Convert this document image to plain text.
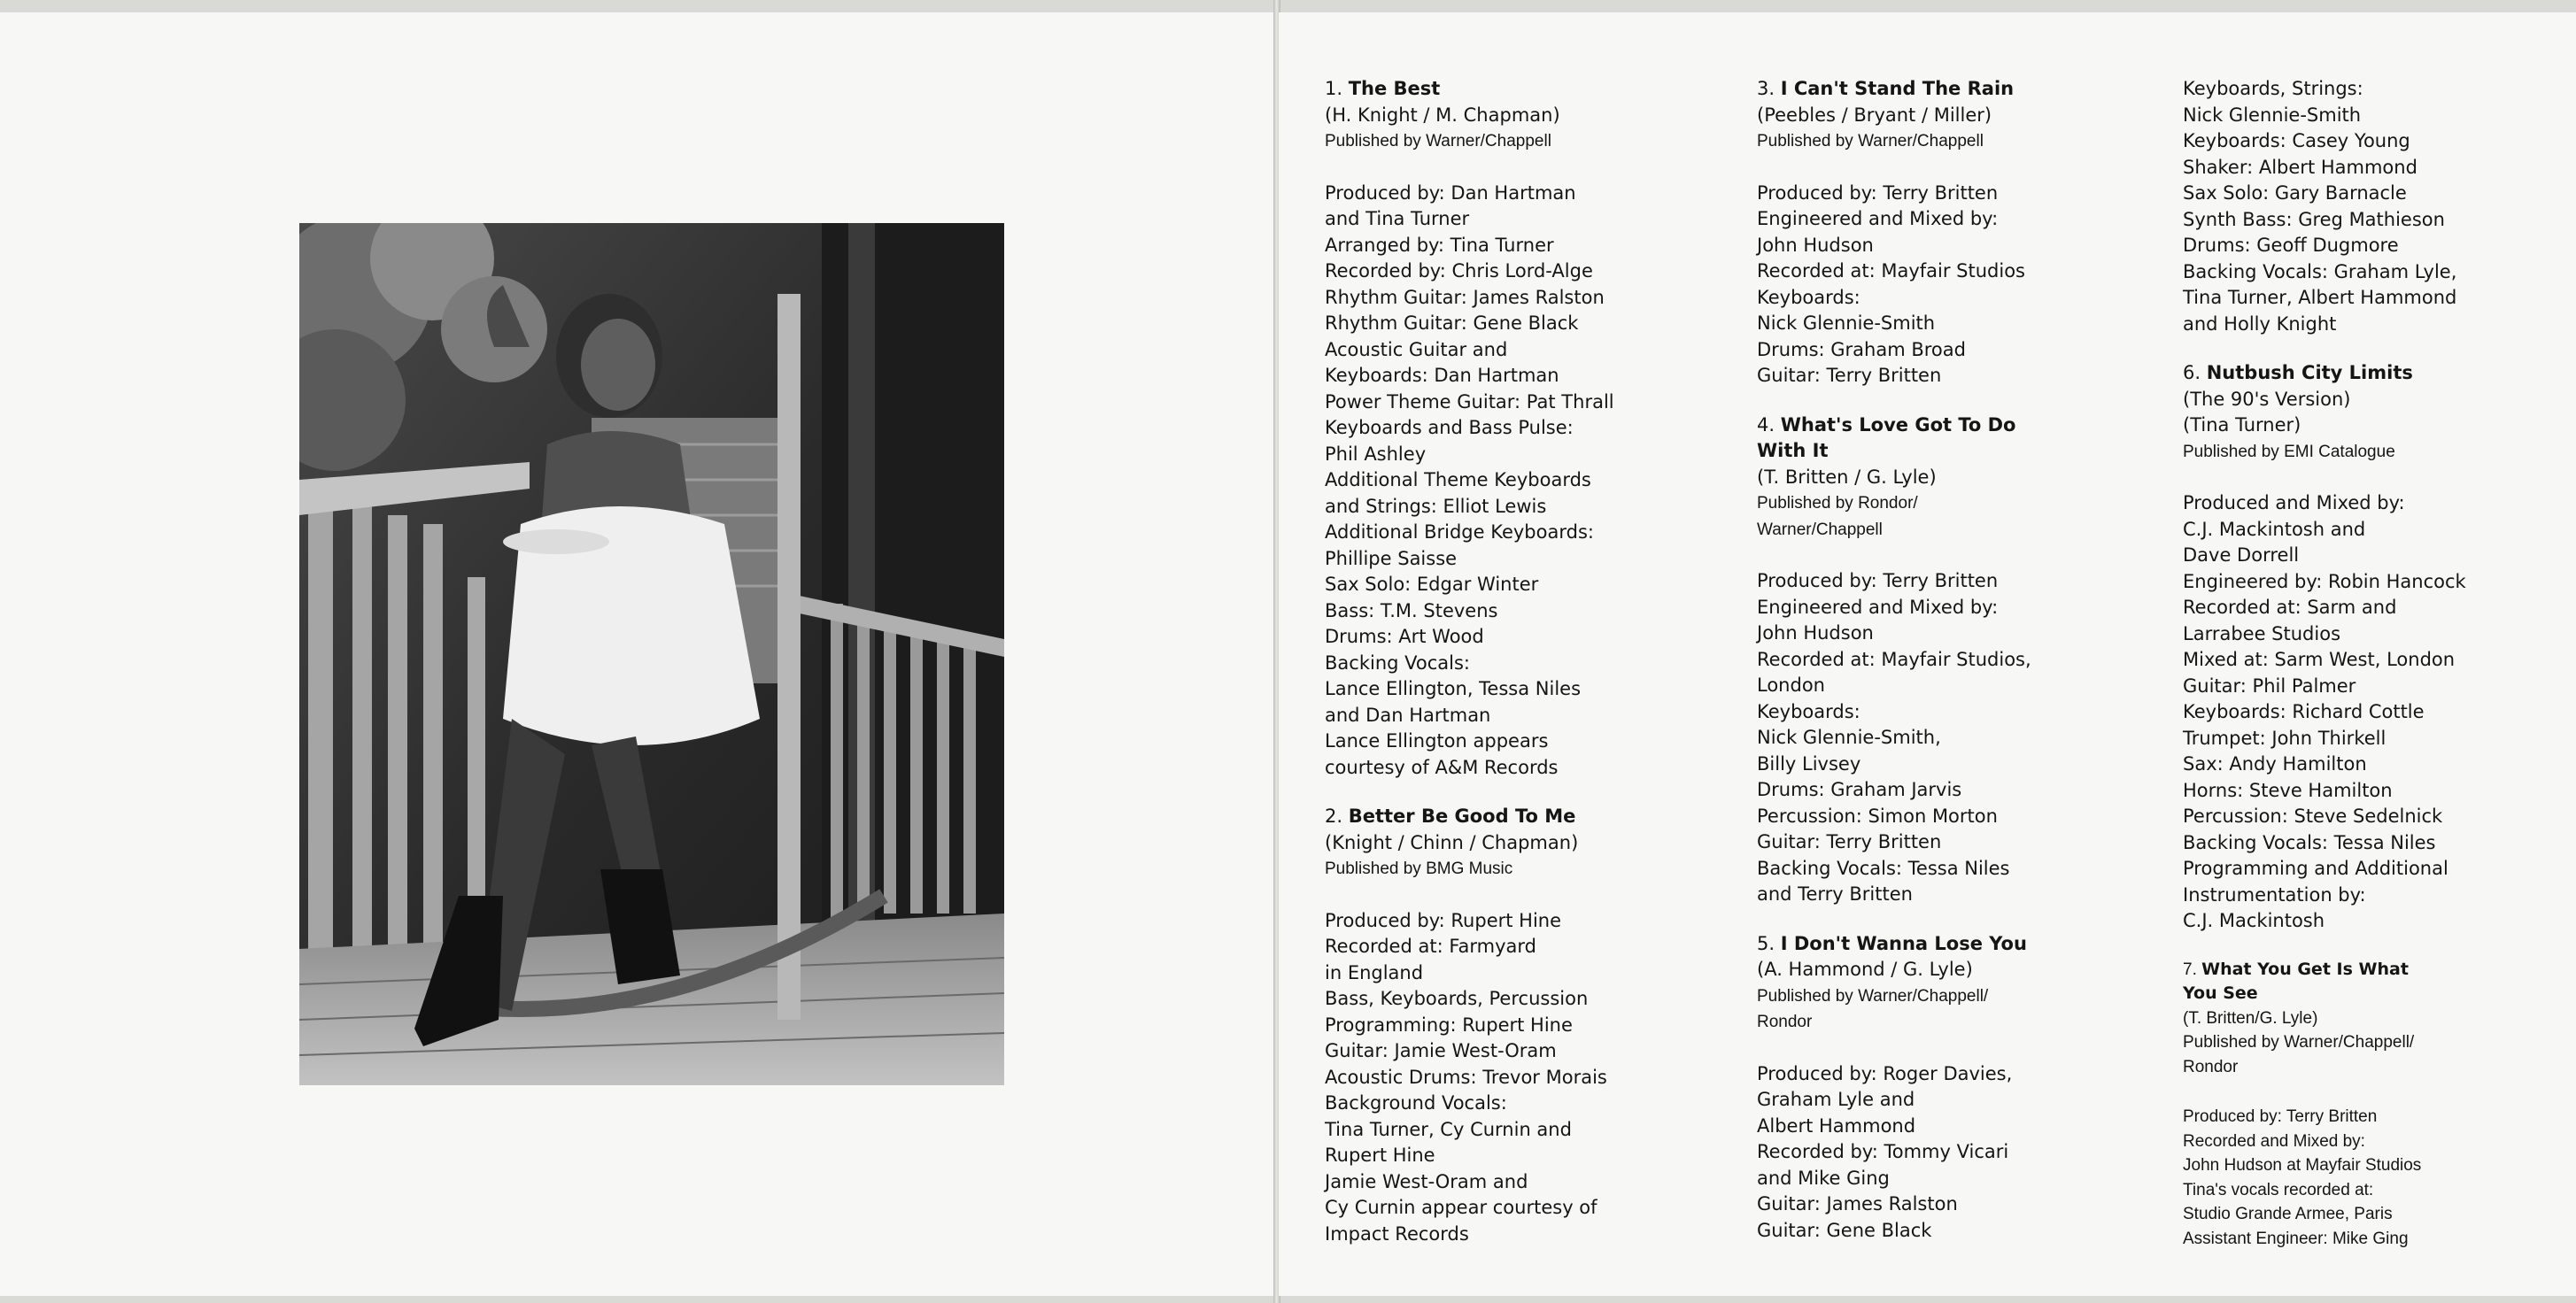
1. The Best
(H. Knight / M. Chapman)
Published by Warner/Chappell
Produced by: Dan Hartman
and Tina Turner
Arranged by: Tina Turner
Recorded by: Chris Lord-Alge
Rhythm Guitar: James Ralston
Rhythm Guitar: Gene Black
Acoustic Guitar and
Keyboards: Dan Hartman
Power Theme Guitar: Pat Thrall
Keyboards and Bass Pulse:
Phil Ashley
Additional Theme Keyboards
and Strings: Elliot Lewis
Additional Bridge Keyboards:
Phillipe Saisse
Sax Solo: Edgar Winter
Bass: T.M. Stevens
Drums: Art Wood
Backing Vocals:
Lance Ellington, Tessa Niles
and Dan Hartman
Lance Ellington appears
courtesy of A&M Records
2. Better Be Good To Me
(Knight / Chinn / Chapman)
Published by BMG Music
Produced by: Rupert Hine
Recorded at: Farmyard
in England
Bass, Keyboards, Percussion
Programming: Rupert Hine
Guitar: Jamie West-Oram
Acoustic Drums: Trevor Morais
Background Vocals:
Tina Turner, Cy Curnin and
Rupert Hine
Jamie West-Oram and
Cy Curnin appear courtesy of
Impact Records
3. I Can't Stand The Rain
(Peebles / Bryant / Miller)
Published by Warner/Chappell
Produced by: Terry Britten
Engineered and Mixed by:
John Hudson
Recorded at: Mayfair Studios
Keyboards:
Nick Glennie-Smith
Drums: Graham Broad
Guitar: Terry Britten
4. What's Love Got To Do
With It
(T. Britten / G. Lyle)
Published by Rondor/
Warner/Chappell
Produced by: Terry Britten
Engineered and Mixed by:
John Hudson
Recorded at: Mayfair Studios,
London
Keyboards:
Nick Glennie-Smith,
Billy Livsey
Drums: Graham Jarvis
Percussion: Simon Morton
Guitar: Terry Britten
Backing Vocals: Tessa Niles
and Terry Britten
5. I Don't Wanna Lose You
(A. Hammond / G. Lyle)
Published by Warner/Chappell/
Rondor
Produced by: Roger Davies,
Graham Lyle and
Albert Hammond
Recorded by: Tommy Vicari
and Mike Ging
Guitar: James Ralston
Guitar: Gene Black
Keyboards, Strings:
Nick Glennie-Smith
Keyboards: Casey Young
Shaker: Albert Hammond
Sax Solo: Gary Barnacle
Synth Bass: Greg Mathieson
Drums: Geoff Dugmore
Backing Vocals: Graham Lyle,
Tina Turner, Albert Hammond
and Holly Knight
6. Nutbush City Limits
(The 90's Version)
(Tina Turner)
Published by EMI Catalogue
Produced and Mixed by:
C.J. Mackintosh and
Dave Dorrell
Engineered by: Robin Hancock
Recorded at: Sarm and
Larrabee Studios
Mixed at: Sarm West, London
Guitar: Phil Palmer
Keyboards: Richard Cottle
Trumpet: John Thirkell
Sax: Andy Hamilton
Horns: Steve Hamilton
Percussion: Steve Sedelnick
Backing Vocals: Tessa Niles
Programming and Additional
Instrumentation by:
C.J. Mackintosh
7. What You Get Is What
You See
(T. Britten/G. Lyle)
Published by Warner/Chappell/
Rondor
Produced by: Terry Britten
Recorded and Mixed by:
John Hudson at Mayfair Studios
Tina's vocals recorded at:
Studio Grande Armee, Paris
Assistant Engineer: Mike Ging
